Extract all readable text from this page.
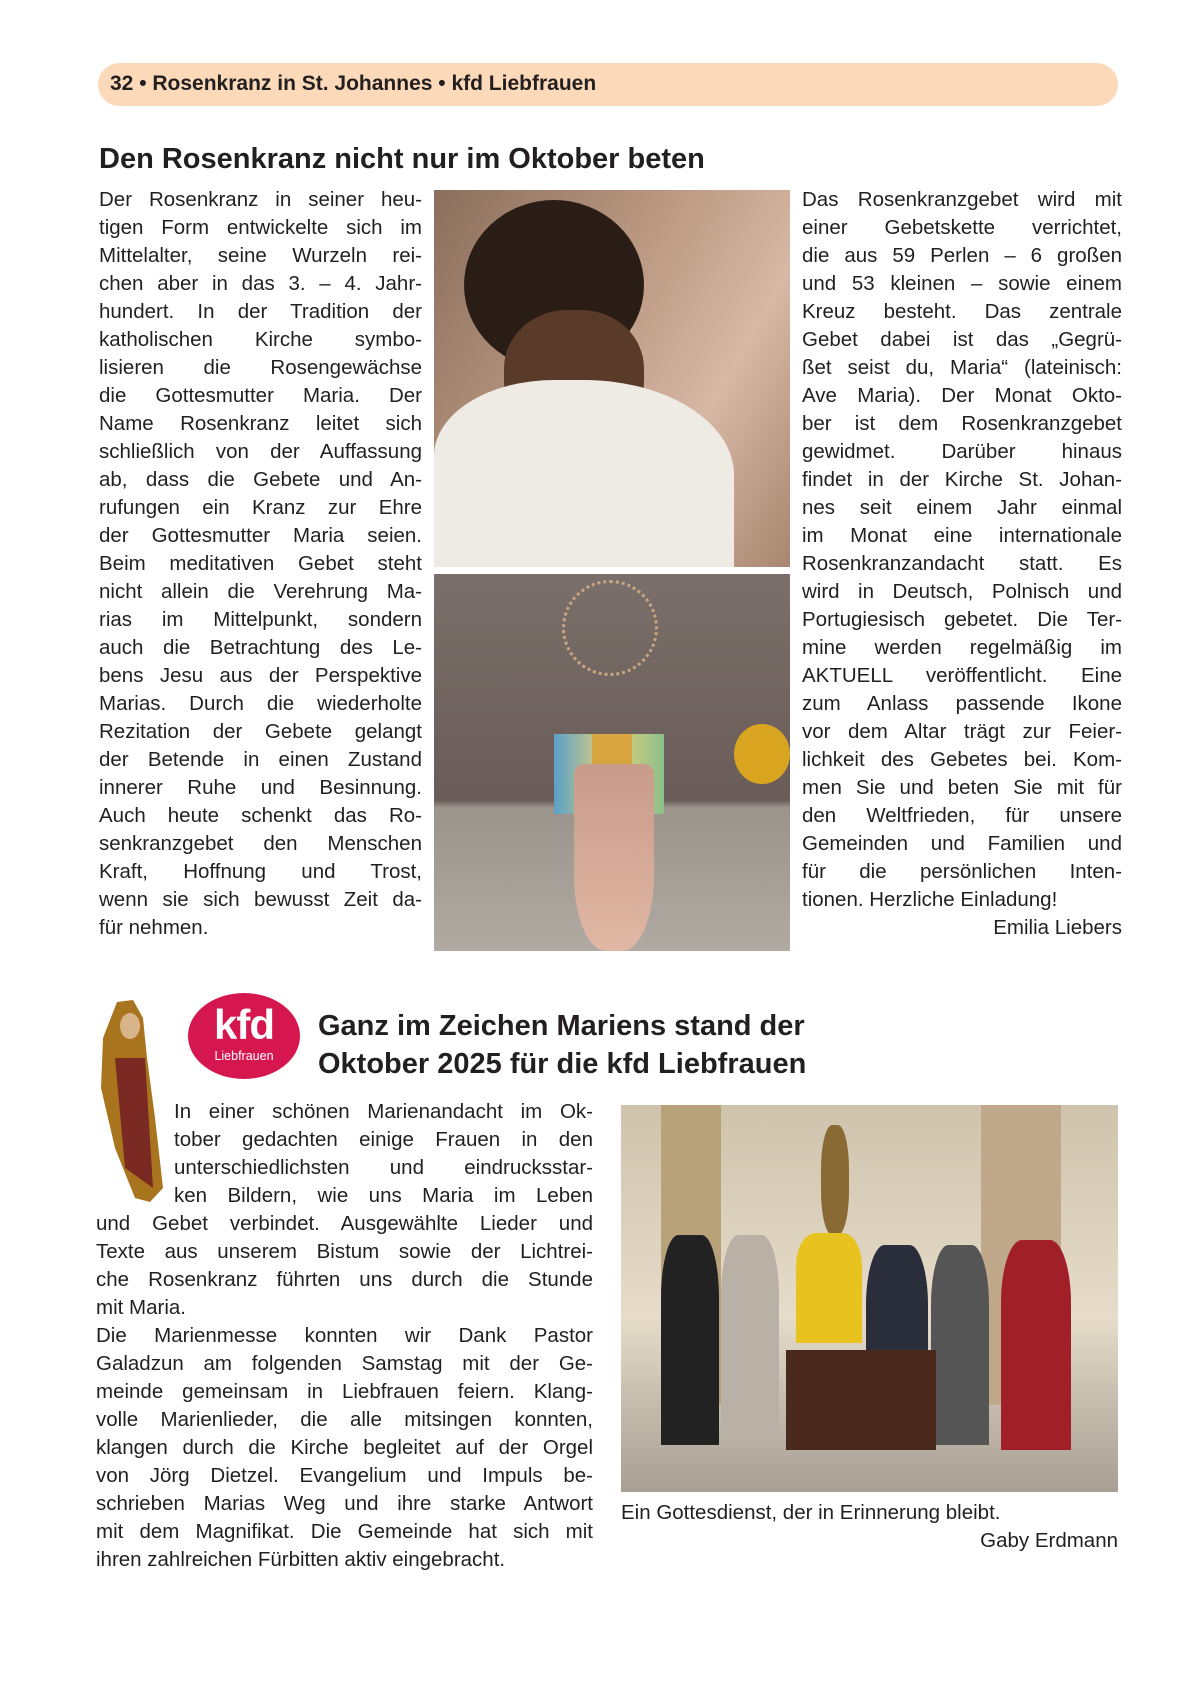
32 • Rosenkranz in St. Johannes • kfd Liebfrauen
Den Rosenkranz nicht nur im Oktober beten
Der Rosenkranz in seiner heu-
tigen Form entwickelte sich im
Mittelalter, seine Wurzeln rei-
chen aber in das 3. – 4. Jahr-
hundert. In der Tradition der
katholischen Kirche symbo-
lisieren die Rosengewächse
die Gottesmutter Maria. Der
Name Rosenkranz leitet sich
schließlich von der Auffassung
ab, dass die Gebete und An-
rufungen ein Kranz zur Ehre
der Gottesmutter Maria seien.
Beim meditativen Gebet steht
nicht allein die Verehrung Ma-
rias im Mittelpunkt, sondern
auch die Betrachtung des Le-
bens Jesu aus der Perspektive
Marias. Durch die wiederholte
Rezitation der Gebete gelangt
der Betende in einen Zustand
innerer Ruhe und Besinnung.
Auch heute schenkt das Ro-
senkranzgebet den Menschen
Kraft, Hoffnung und Trost,
wenn sie sich bewusst Zeit da-
für nehmen.
Das Rosenkranzgebet wird mit
einer Gebetskette verrichtet,
die aus 59 Perlen – 6 großen
und 53 kleinen – sowie einem
Kreuz besteht. Das zentrale
Gebet dabei ist das „Gegrü-
ßet seist du, Maria“ (lateinisch:
Ave Maria). Der Monat Okto-
ber ist dem Rosenkranzgebet
gewidmet. Darüber hinaus
findet in der Kirche St. Johan-
nes seit einem Jahr einmal
im Monat eine internationale
Rosenkranzandacht statt. Es
wird in Deutsch, Polnisch und
Portugiesisch gebetet. Die Ter-
mine werden regelmäßig im
AKTUELL veröffentlicht. Eine
zum Anlass passende Ikone
vor dem Altar trägt zur Feier-
lichkeit des Gebetes bei. Kom-
men Sie und beten Sie mit für
den Weltfrieden, für unsere
Gemeinden und Familien und
für die persönlichen Inten-
tionen. Herzliche Einladung!
Emilia Liebers
kfd
Liebfrauen
Ganz im Zeichen Mariens stand der
Oktober 2025 für die kfd Liebfrauen
In einer schönen Marienandacht im Ok-
tober gedachten einige Frauen in den
unterschiedlichsten und eindrucksstar-
ken Bildern, wie uns Maria im Leben
und Gebet verbindet. Ausgewählte Lieder und
Texte aus unserem Bistum sowie der Lichtrei-
che Rosenkranz führten uns durch die Stunde
mit Maria.
Die Marienmesse konnten wir Dank Pastor
Galadzun am folgenden Samstag mit der Ge-
meinde gemeinsam in Liebfrauen feiern. Klang-
volle Marienlieder, die alle mitsingen konnten,
klangen durch die Kirche begleitet auf der Orgel
von Jörg Dietzel. Evangelium und Impuls be-
schrieben Marias Weg und ihre starke Antwort
mit dem Magnifikat. Die Gemeinde hat sich mit
ihren zahlreichen Fürbitten aktiv eingebracht.
Ein Gottesdienst, der in Erinnerung bleibt.
Gaby Erdmann
